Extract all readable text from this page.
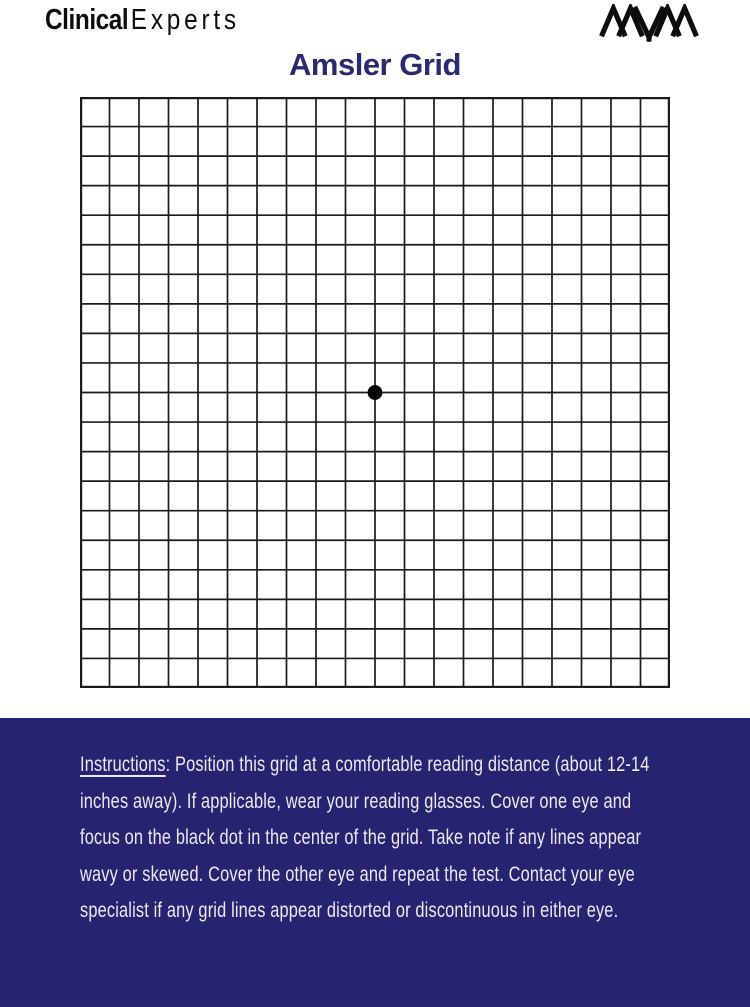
ClinicalExperts
Amsler Grid

Instructions: Position this grid at a comfortable reading distance (about 12-14 inches away). If applicable, wear your reading glasses. Cover one eye and focus on the black dot in the center of the grid. Take note if any lines appear wavy or skewed. Cover the other eye and repeat the test. Contact your eye specialist if any grid lines appear distorted or discontinuous in either eye.
